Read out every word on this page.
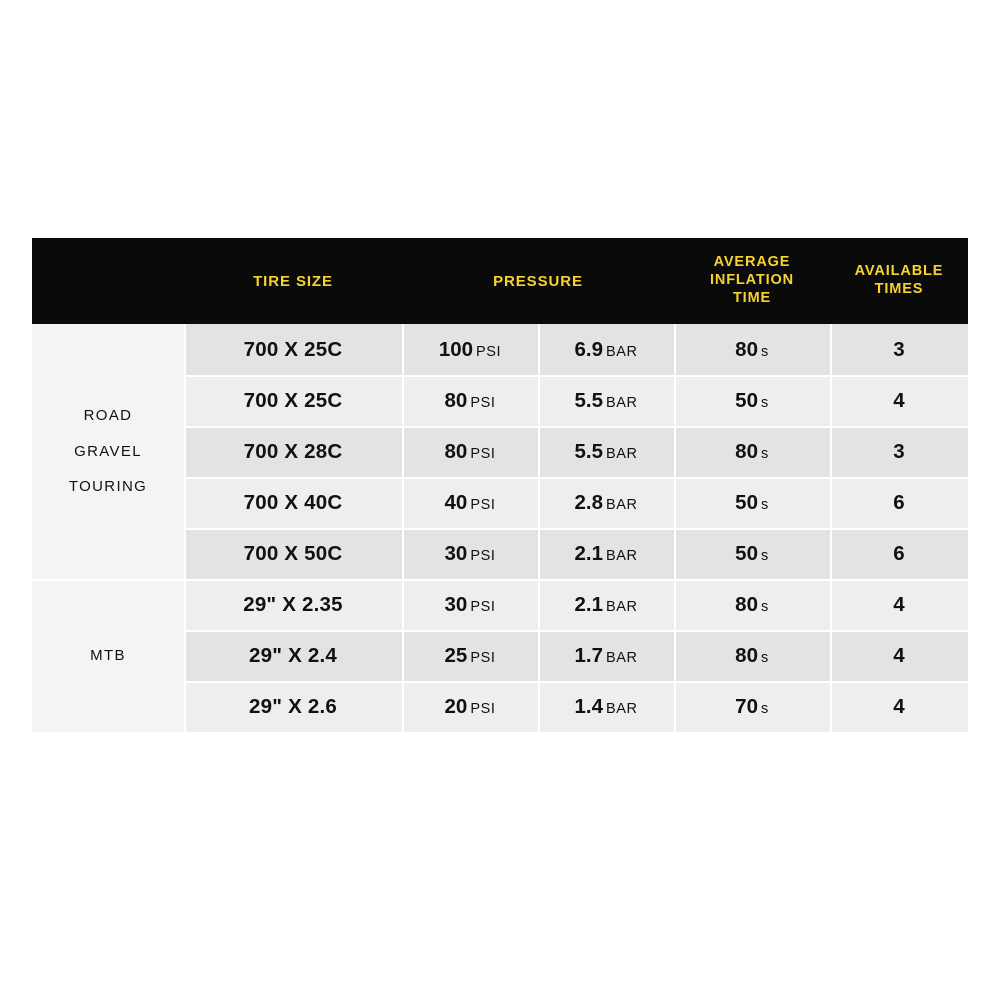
	TIRE SIZE	PRESSURE		AVERAGE
INFLATION
TIME	AVAILABLE
TIMES

ROAD
GRAVEL
TOURING	700 X 25C	100 PSI	6.9 BAR	80 s	3
	700 X 25C	80 PSI	5.5 BAR	50 s	4
	700 X 28C	80 PSI	5.5 BAR	80 s	3
	700 X 40C	40 PSI	2.8 BAR	50 s	6
	700 X 50C	30 PSI	2.1 BAR	50 s	6

MTB	29" X 2.35	30 PSI	2.1 BAR	80 s	4
	29" X 2.4	25 PSI	1.7 BAR	80 s	4
	29" X 2.6	20 PSI	1.4 BAR	70 s	4
